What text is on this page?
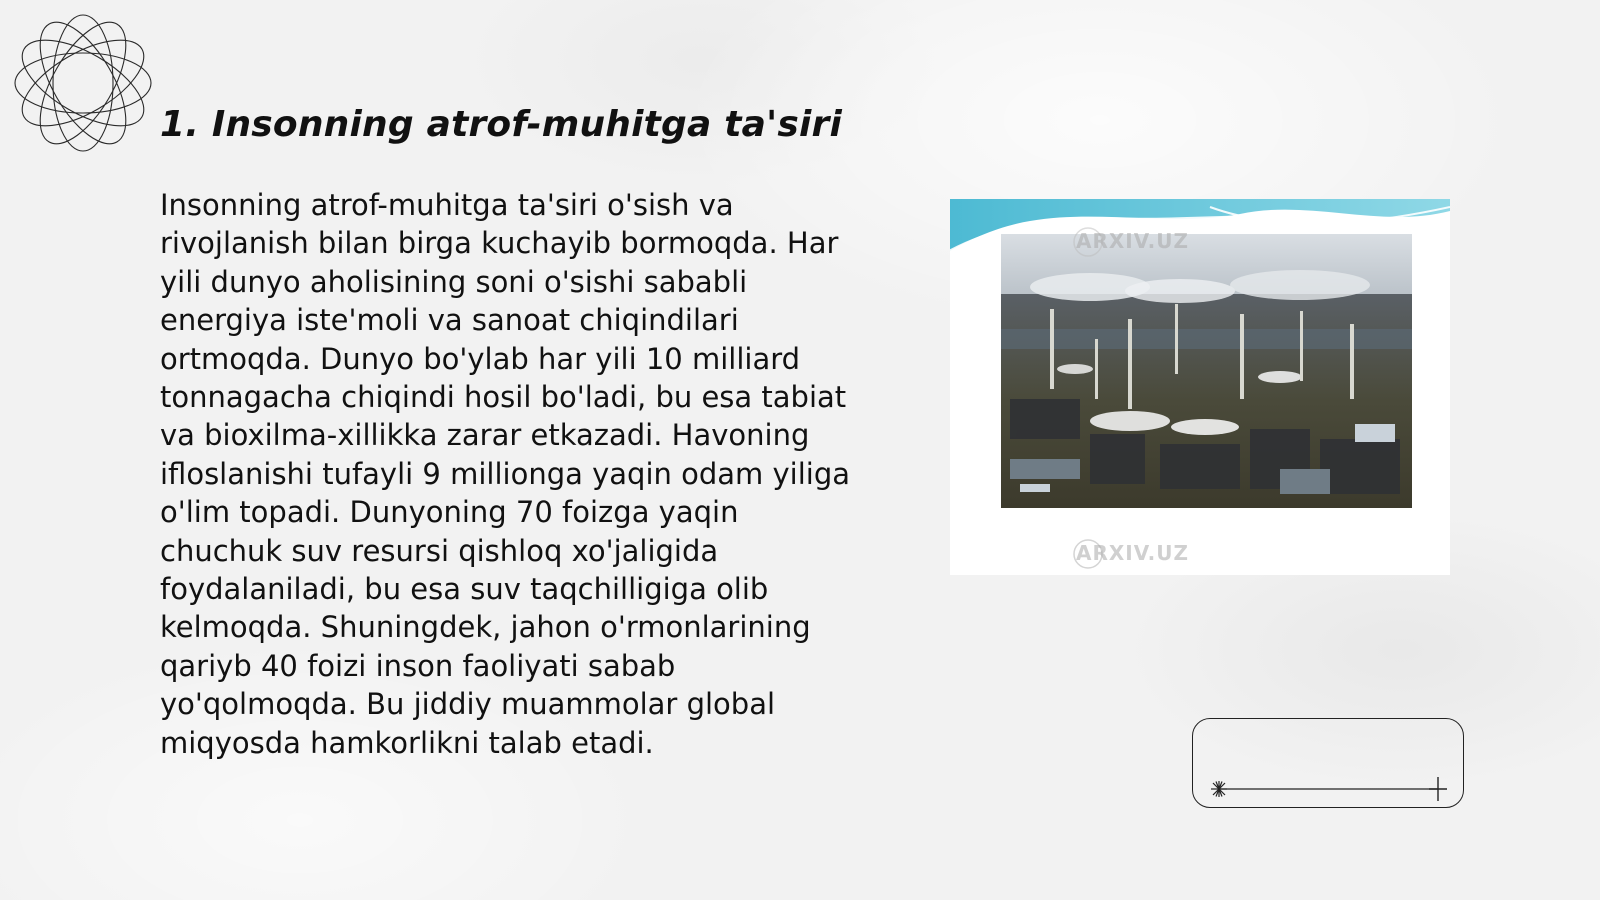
1. Insonning atrof-muhitga ta'siri

Insonning atrof-muhitga ta'siri o'sish va rivojlanish bilan birga kuchayib bormoqda. Har yili dunyo aholisining soni o'sishi sababli energiya iste'moli va sanoat chiqindilari ortmoqda. Dunyo bo'ylab har yili 10 milliard tonnagacha chiqindi hosil bo'ladi, bu esa tabiat va bioxilma-xillikka zarar etkazadi. Havoning ifloslanishi tufayli 9 millionga yaqin odam yiliga o'lim topadi. Dunyoning 70 foizga yaqin chuchuk suv resursi qishloq xo'jaligida foydalaniladi, bu esa suv taqchilligiga olib kelmoqda. Shuningdek, jahon o'rmonlarining qariyb 40 foizi inson faoliyati sabab yo'qolmoqda. Bu jiddiy muammolar global miqyosda hamkorlikni talab etadi.

ARXIV.UZ
ARXIV.UZ
